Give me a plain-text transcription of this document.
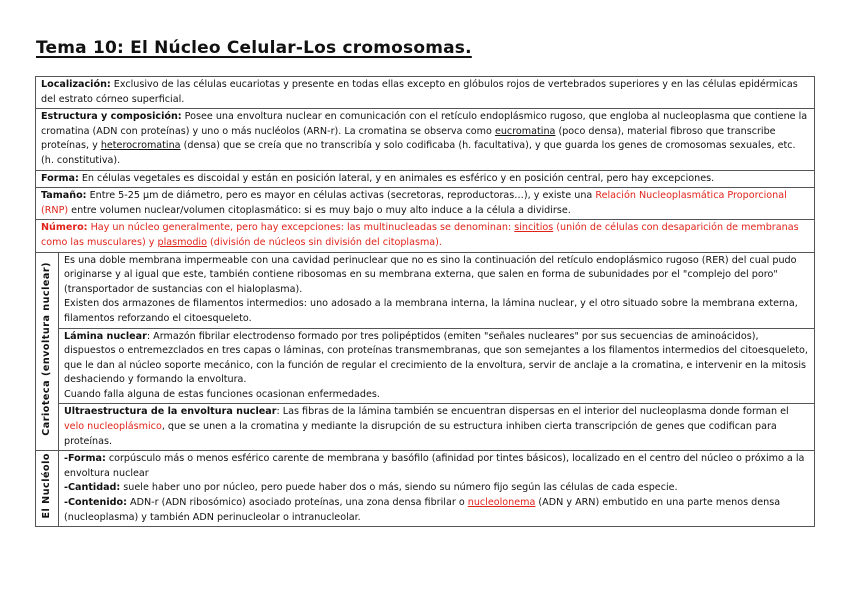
Tema 10: El Núcleo Celular-Los cromosomas.
Localización: Exclusivo de las células eucariotas y presente en todas ellas excepto en glóbulos rojos de vertebrados superiores y en las células epidérmicas del estrato córneo superficial.	
Estructura y composición: Posee una envoltura nuclear en comunicación con el retículo endoplásmico rugoso, que engloba al nucleoplasma que contiene la cromatina (ADN con proteínas) y uno o más nucléolos (ARN-r). La cromatina se observa como eucromatina (poco densa), material fibroso que transcribe proteínas, y heterocromatina (densa) que se creía que no transcribía y solo codificaba (h. facultativa), y que guarda los genes de cromosomas sexuales, etc. (h. constitutiva).	
Forma: En células vegetales es discoidal y están en posición lateral, y en animales es esférico y en posición central, pero hay excepciones.	
Tamaño: Entre 5-25 µm de diámetro, pero es mayor en células activas (secretoras, reproductoras…), y existe una Relación Nucleoplasmática Proporcional (RNP) entre volumen nuclear/volumen citoplasmático: si es muy bajo o muy alto induce a la célula a dividirse.	
Número: Hay un núcleo generalmente, pero hay excepciones: las multinucleadas se denominan: sincitios (unión de células con desaparición de membranas como las musculares) y plasmodio (división de núcleos sin división del citoplasma).	
Carioteca (envoltura nuclear)	Es una doble membrana impermeable con una cavidad perinuclear que no es sino la continuación del retículo endoplásmico rugoso (RER) del cual pudo originarse y al igual que este, también contiene ribosomas en su membrana externa, que salen en forma de subunidades por el "complejo del poro" (transportador de sustancias con el hialoplasma).
Existen dos armazones de filamentos intermedios: uno adosado a la membrana interna, la lámina nuclear, y el otro situado sobre la membrana externa, filamentos reforzando el citoesqueleto.

	Lámina nuclear: Armazón fibrilar electrodenso formado por tres polipéptidos (emiten "señales nucleares" por sus secuencias de aminoácidos), dispuestos o entremezclados en tres capas o láminas, con proteínas transmembranas, que son semejantes a los filamentos intermedios del citoesqueleto, que le dan al núcleo soporte mecánico, con la función de regular el crecimiento de la envoltura, servir de anclaje a la cromatina, e intervenir en la mitosis deshaciendo y formando la envoltura.
Cuando falla alguna de estas funciones ocasionan enfermedades.

	Ultraestructura de la envoltura nuclear: Las fibras de la lámina también se encuentran dispersas en el interior del nucleoplasma donde forman el velo nucleoplásmico, que se unen a la cromatina y mediante la disrupción de su estructura inhiben cierta transcripción de genes que codifican para proteínas.
El Nucléolo	-Forma: corpúsculo más o menos esférico carente de membrana y basófilo (afinidad por tintes básicos), localizado en el centro del núcleo o próximo a la envoltura nuclear
-Cantidad: suele haber uno por núcleo, pero puede haber dos o más, siendo su número fijo según las células de cada especie.
-Contenido: ADN-r (ADN ribosómico) asociado proteínas, una zona densa fibrilar o nucleolonema (ADN y ARN) embutido en una parte menos densa (nucleoplasma) y también ADN perinucleolar o intranucleolar.
